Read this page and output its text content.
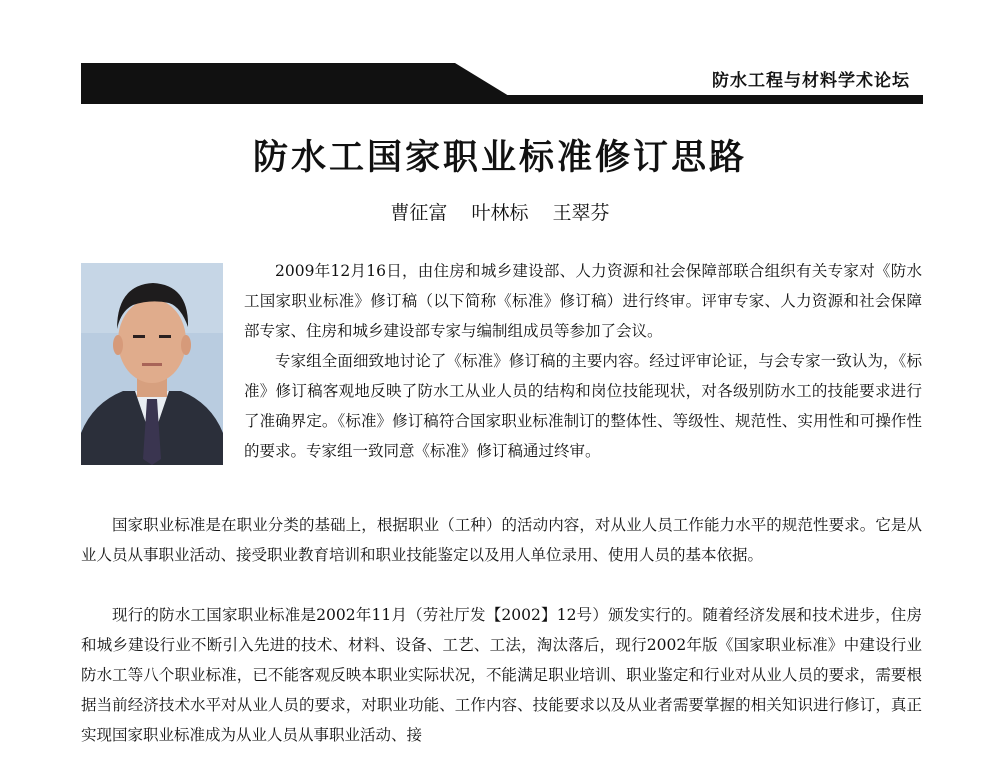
防水工程与材料学术论坛
防水工国家职业标准修订思路
曹征富 叶林标 王翠芬

2009年12月16日，由住房和城乡建设部、人力资源和社会保障部联合组织有关专家对《防水工国家职业标准》修订稿（以下简称《标准》修订稿）进行终审。评审专家、人力资源和社会保障部专家、住房和城乡建设部专家与编制组成员等参加了会议。

专家组全面细致地讨论了《标准》修订稿的主要内容。经过评审论证，与会专家一致认为，《标准》修订稿客观地反映了防水工从业人员的结构和岗位技能现状，对各级别防水工的技能要求进行了准确界定。《标准》修订稿符合国家职业标准制订的整体性、等级性、规范性、实用性和可操作性的要求。专家组一致同意《标准》修订稿通过终审。

国家职业标准是在职业分类的基础上，根据职业（工种）的活动内容，对从业人员工作能力水平的规范性要求。它是从业人员从事职业活动、接受职业教育培训和职业技能鉴定以及用人单位录用、使用人员的基本依据。

现行的防水工国家职业标准是2002年11月（劳社厅发【2002】12号）颁发实行的。随着经济发展和技术进步，住房和城乡建设行业不断引入先进的技术、材料、设备、工艺、工法，淘汰落后，现行2002年版《国家职业标准》中建设行业防水工等八个职业标准，已不能客观反映本职业实际状况，不能满足职业培训、职业鉴定和行业对从业人员的要求，需要根据当前经济技术水平对从业人员的要求，对职业功能、工作内容、技能要求以及从业者需要掌握的相关知识进行修订，真正实现国家职业标准成为从业人员从事职业活动、接
